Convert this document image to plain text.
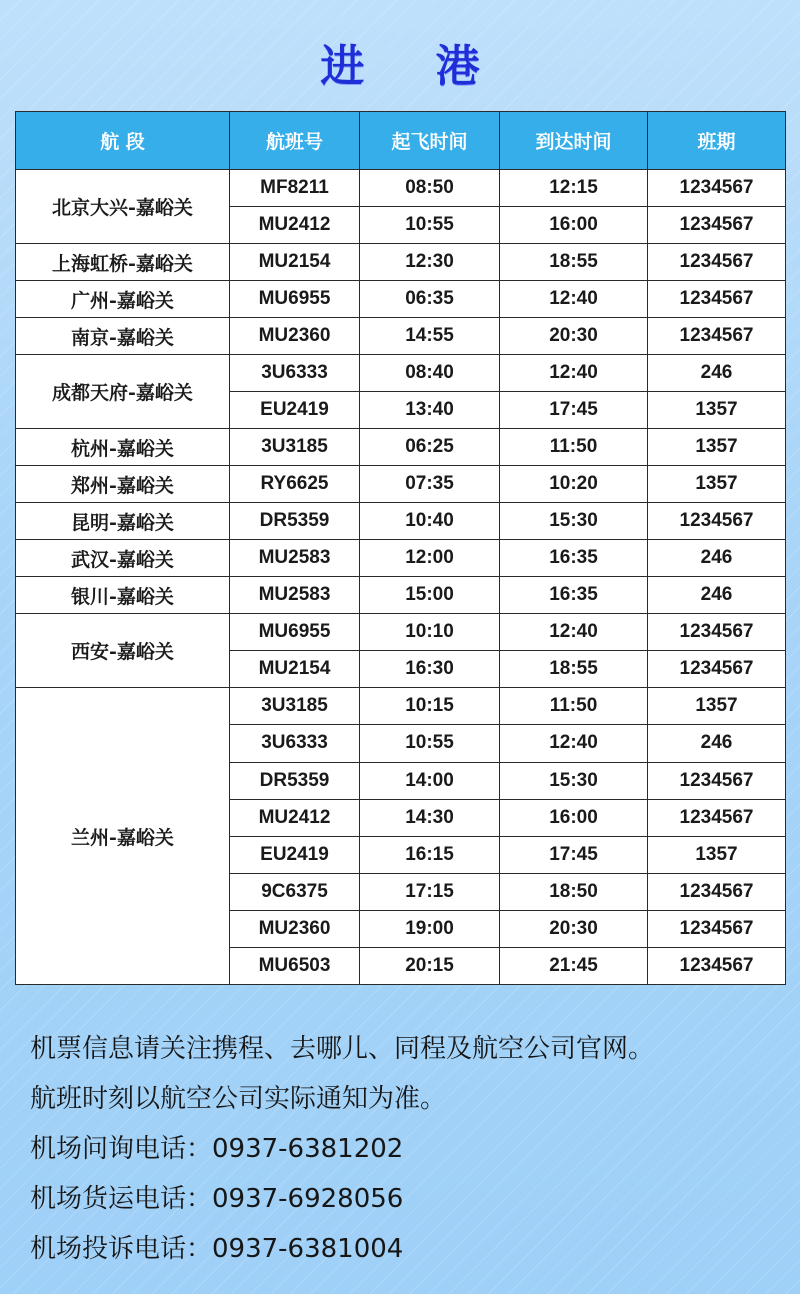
进 港
航 段	航班号	起飞时间	到达时间	班期
北京大兴-嘉峪关	MF8211	08:50	12:15	1234567
	MU2412	10:55	16:00	1234567
上海虹桥-嘉峪关	MU2154	12:30	18:55	1234567
广州-嘉峪关	MU6955	06:35	12:40	1234567
南京-嘉峪关	MU2360	14:55	20:30	1234567
成都天府-嘉峪关	3U6333	08:40	12:40	246
	EU2419	13:40	17:45	1357
杭州-嘉峪关	3U3185	06:25	11:50	1357
郑州-嘉峪关	RY6625	07:35	10:20	1357
昆明-嘉峪关	DR5359	10:40	15:30	1234567
武汉-嘉峪关	MU2583	12:00	16:35	246
银川-嘉峪关	MU2583	15:00	16:35	246
西安-嘉峪关	MU6955	10:10	12:40	1234567
	MU2154	16:30	18:55	1234567
兰州-嘉峪关	3U3185	10:15	11:50	1357
	3U6333	10:55	12:40	246
	DR5359	14:00	15:30	1234567
	MU2412	14:30	16:00	1234567
	EU2419	16:15	17:45	1357
	9C6375	17:15	18:50	1234567
	MU2360	19:00	20:30	1234567
	MU6503	20:15	21:45	1234567

机票信息请关注携程、去哪儿、同程及航空公司官网。

航班时刻以航空公司实际通知为准。

机场问询电话：0937-6381202

机场货运电话：0937-6928056

机场投诉电话：0937-6381004
